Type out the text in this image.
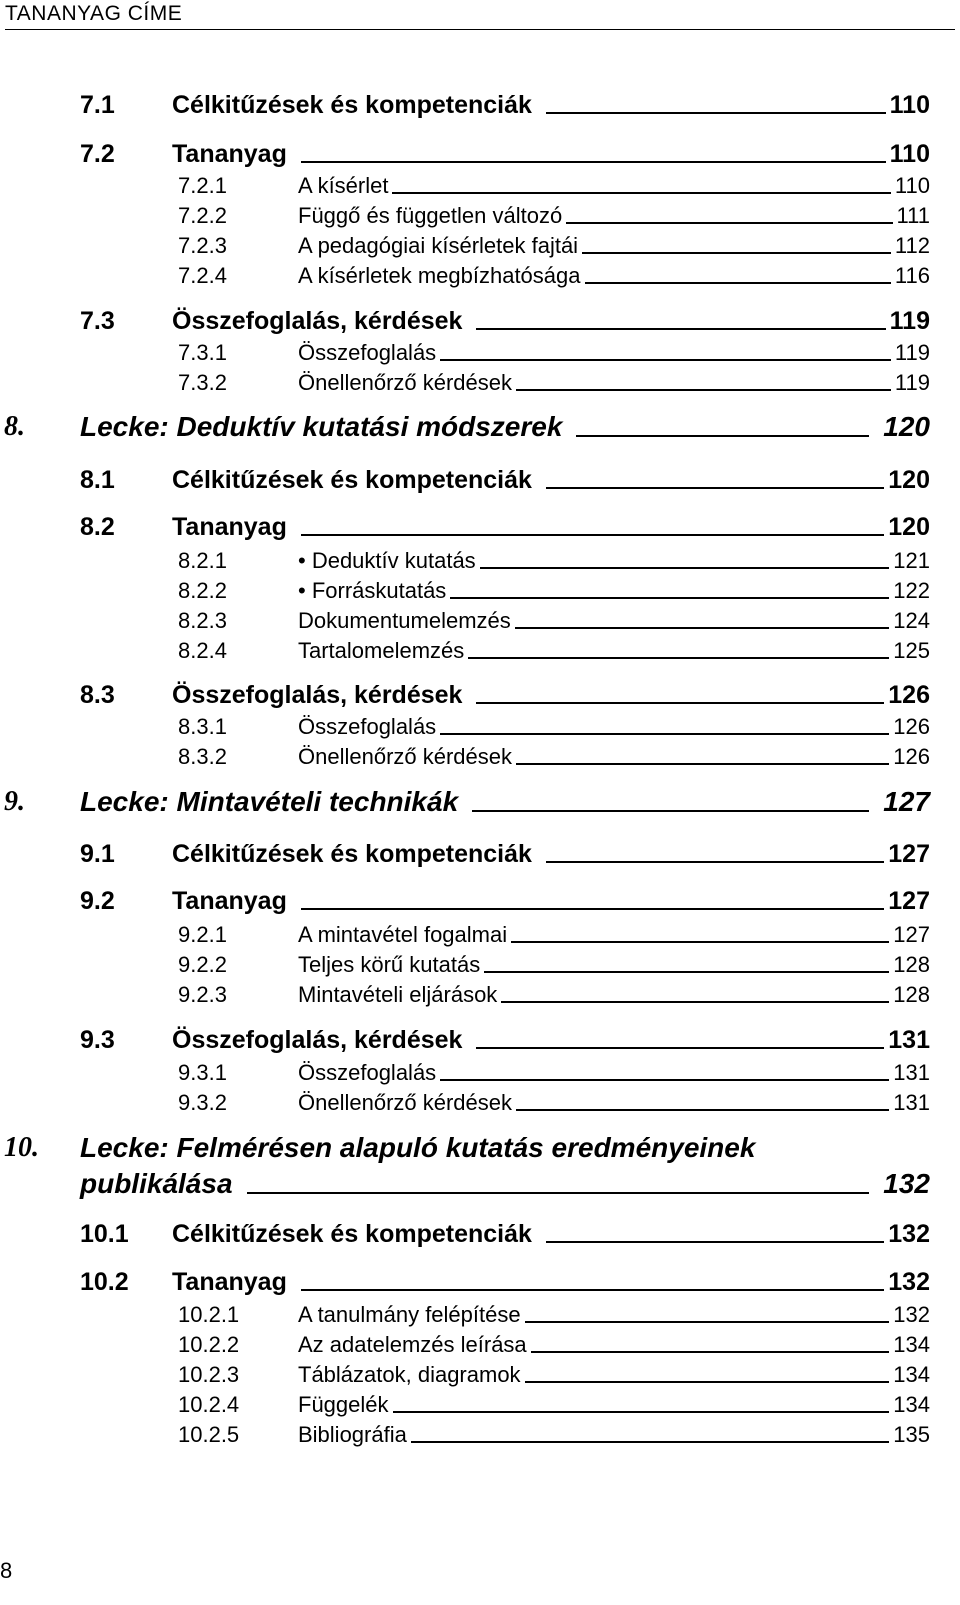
TANANYAG CÍME
7.1 Célkitűzések és kompetenciák	110
7.2 Tananyag	110
7.2.1	A kísérlet	110
7.2.2	Függő és független változó	111
7.2.3	A pedagógiai kísérletek fajtái	112
7.2.4	A kísérletek megbízhatósága	116
7.3 Összefoglalás, kérdések	119
7.3.1	Összefoglalás	119
7.3.2	Önellenőrző kérdések	119
8. Lecke: Deduktív kutatási módszerek	120
8.1 Célkitűzések és kompetenciák	120
8.2 Tananyag	120
8.2.1	• Deduktív kutatás	121
8.2.2	• Forráskutatás	122
8.2.3	Dokumentumelemzés	124
8.2.4	Tartalomelemzés	125
8.3 Összefoglalás, kérdések	126
8.3.1	Összefoglalás	126
8.3.2	Önellenőrző kérdések	126
9. Lecke: Mintavételi technikák	127
9.1 Célkitűzések és kompetenciák	127
9.2 Tananyag	127
9.2.1	A mintavétel fogalmai	127
9.2.2	Teljes körű kutatás	128
9.2.3	Mintavételi eljárások	128
9.3 Összefoglalás, kérdések	131
9.3.1	Összefoglalás	131
9.3.2	Önellenőrző kérdések	131
10. Lecke: Felmérésen alapuló kutatás eredményeinek
publikálása	132
10.1 Célkitűzések és kompetenciák	132
10.2 Tananyag	132
10.2.1	A tanulmány felépítése	132
10.2.2	Az adatelemzés leírása	134
10.2.3	Táblázatok, diagramok	134
10.2.4	Függelék	134
10.2.5	Bibliográfia	135
8
